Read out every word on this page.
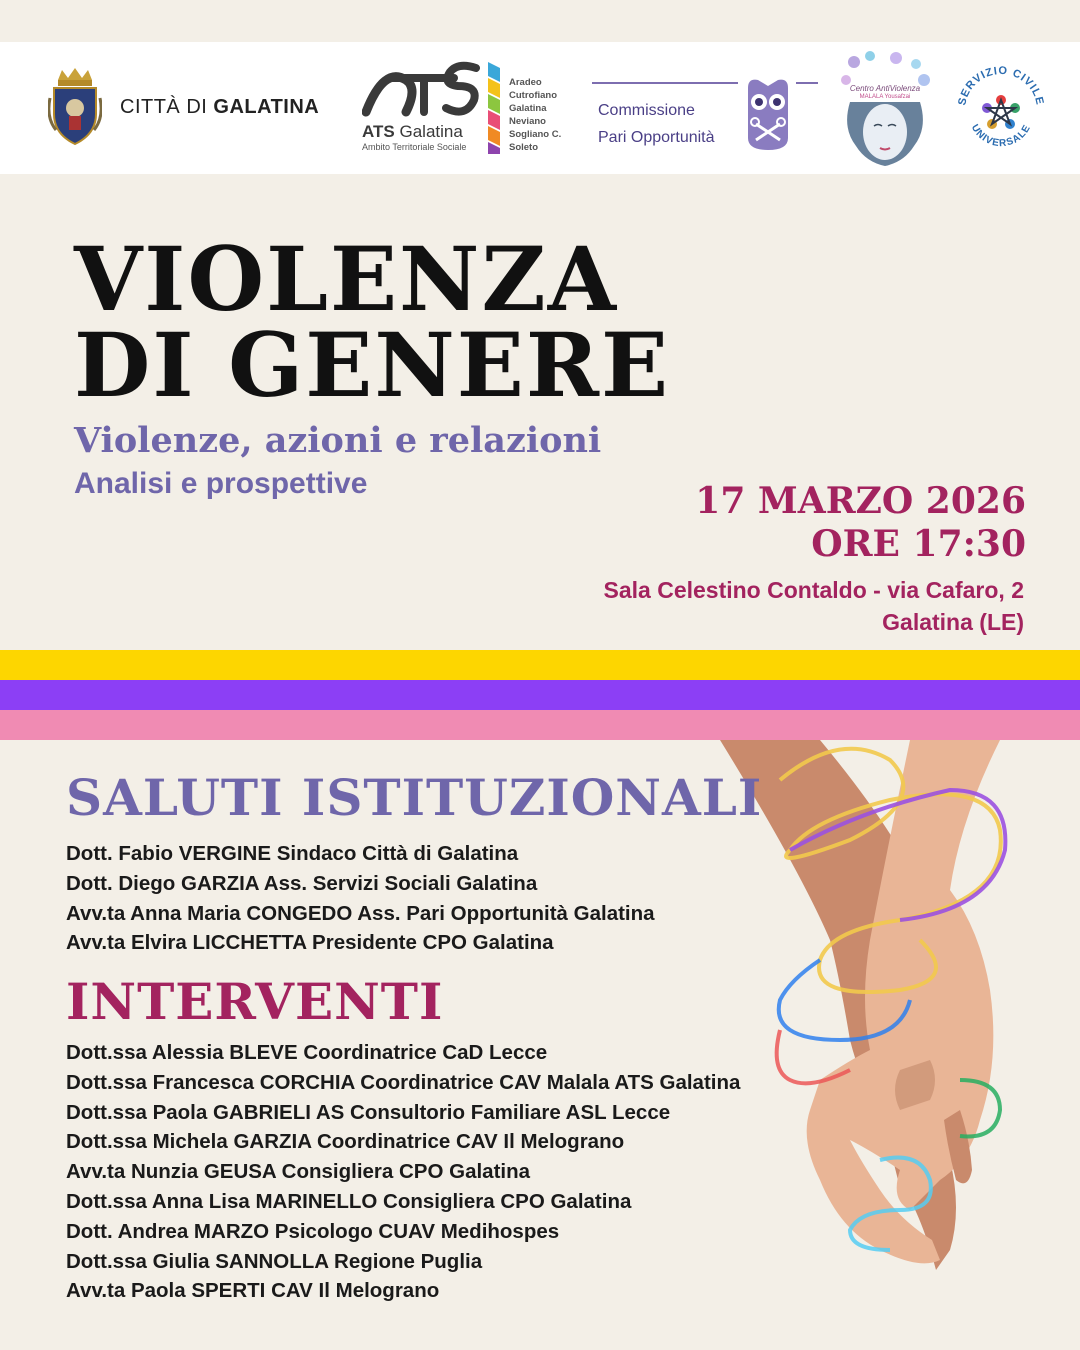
CITTÀ DI GALATINA
ATS Galatina
Ambito Territoriale Sociale
Aradeo
Cutrofiano
Galatina
Neviano
Sogliano C.
Soleto
Commissione
Pari Opportunità
Centro AntiViolenza
MALALA Yousafzai	SERVIZIO CIVILE
UNIVERSALE
VIOLENZA
DI GENERE
Violenze, azioni e relazioni
Analisi e prospettive	17 MARZO 2026
ORE 17:30
Sala Celestino Contaldo - via Cafaro, 2
Galatina (LE)
SALUTI ISTITUZIONALI
Dott. Fabio VERGINE Sindaco Città di Galatina
Dott. Diego GARZIA Ass. Servizi Sociali Galatina
Avv.ta Anna Maria CONGEDO Ass. Pari Opportunità Galatina
Avv.ta Elvira LICCHETTA Presidente CPO Galatina
INTERVENTI
Dott.ssa Alessia BLEVE Coordinatrice CaD Lecce
Dott.ssa Francesca CORCHIA Coordinatrice CAV Malala ATS Galatina
Dott.ssa Paola GABRIELI AS Consultorio Familiare ASL Lecce
Dott.ssa Michela GARZIA Coordinatrice CAV Il Melograno
Avv.ta Nunzia GEUSA Consigliera CPO Galatina
Dott.ssa Anna Lisa MARINELLO Consigliera CPO Galatina
Dott. Andrea MARZO Psicologo CUAV Medihospes
Dott.ssa Giulia SANNOLLA Regione Puglia
Avv.ta Paola SPERTI CAV Il Melograno
